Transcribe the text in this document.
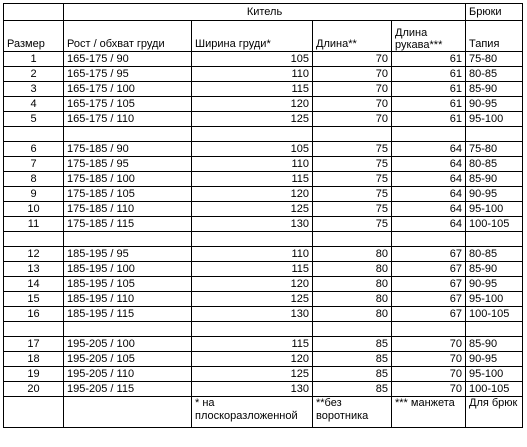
	Китель				Брюки
Размер	Рост / обхват груди	Ширина груди*	Длина**	Длина рукава***	Тапия
1	165-175 / 90	105	70	61	75-80
2	165-175 / 95	110	70	61	80-85
3	165-175 / 100	115	70	61	85-90
4	165-175 / 105	120	70	61	90-95
5	165-175 / 110	125	70	61	95-100

6	175-185 / 90	105	75	64	75-80
7	175-185 / 95	110	75	64	80-85
8	175-185 / 100	115	75	64	85-90
9	175-185 / 105	120	75	64	90-95
10	175-185 / 110	125	75	64	95-100
11	175-185 / 115	130	75	64	100-105

12	185-195 / 95	110	80	67	80-85
13	185-195 / 100	115	80	67	85-90
14	185-195 / 105	120	80	67	90-95
15	185-195 / 110	125	80	67	95-100
16	185-195 / 115	130	80	67	100-105

17	195-205 / 100	115	85	70	85-90
18	195-205 / 105	120	85	70	90-95
19	195-205 / 110	125	85	70	95-100
20	195-205 / 115	130	85	70	100-105
		* на плоскоразложенной	**без воротника	*** манжета	Для брюк
